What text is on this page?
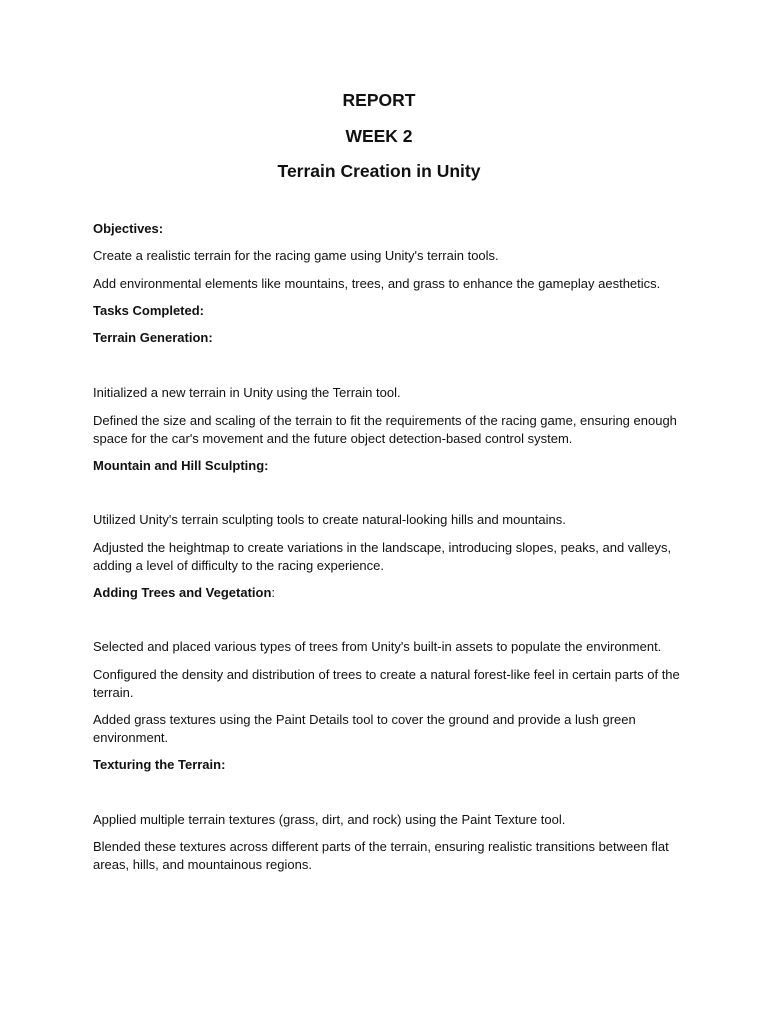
REPORT
WEEK 2
Terrain Creation in Unity

Objectives:

Create a realistic terrain for the racing game using Unity's terrain tools.

Add environmental elements like mountains, trees, and grass to enhance the gameplay aesthetics.

Tasks Completed:

Terrain Generation:

Initialized a new terrain in Unity using the Terrain tool.

Defined the size and scaling of the terrain to fit the requirements of the racing game, ensuring enough space for the car's movement and the future object detection-based control system.

Mountain and Hill Sculpting:

Utilized Unity's terrain sculpting tools to create natural-looking hills and mountains.

Adjusted the heightmap to create variations in the landscape, introducing slopes, peaks, and valleys, adding a level of difficulty to the racing experience.

Adding Trees and Vegetation:

Selected and placed various types of trees from Unity's built-in assets to populate the environment.

Configured the density and distribution of trees to create a natural forest-like feel in certain parts of the terrain.

Added grass textures using the Paint Details tool to cover the ground and provide a lush green environment.

Texturing the Terrain:

Applied multiple terrain textures (grass, dirt, and rock) using the Paint Texture tool.

Blended these textures across different parts of the terrain, ensuring realistic transitions between flat areas, hills, and mountainous regions.
